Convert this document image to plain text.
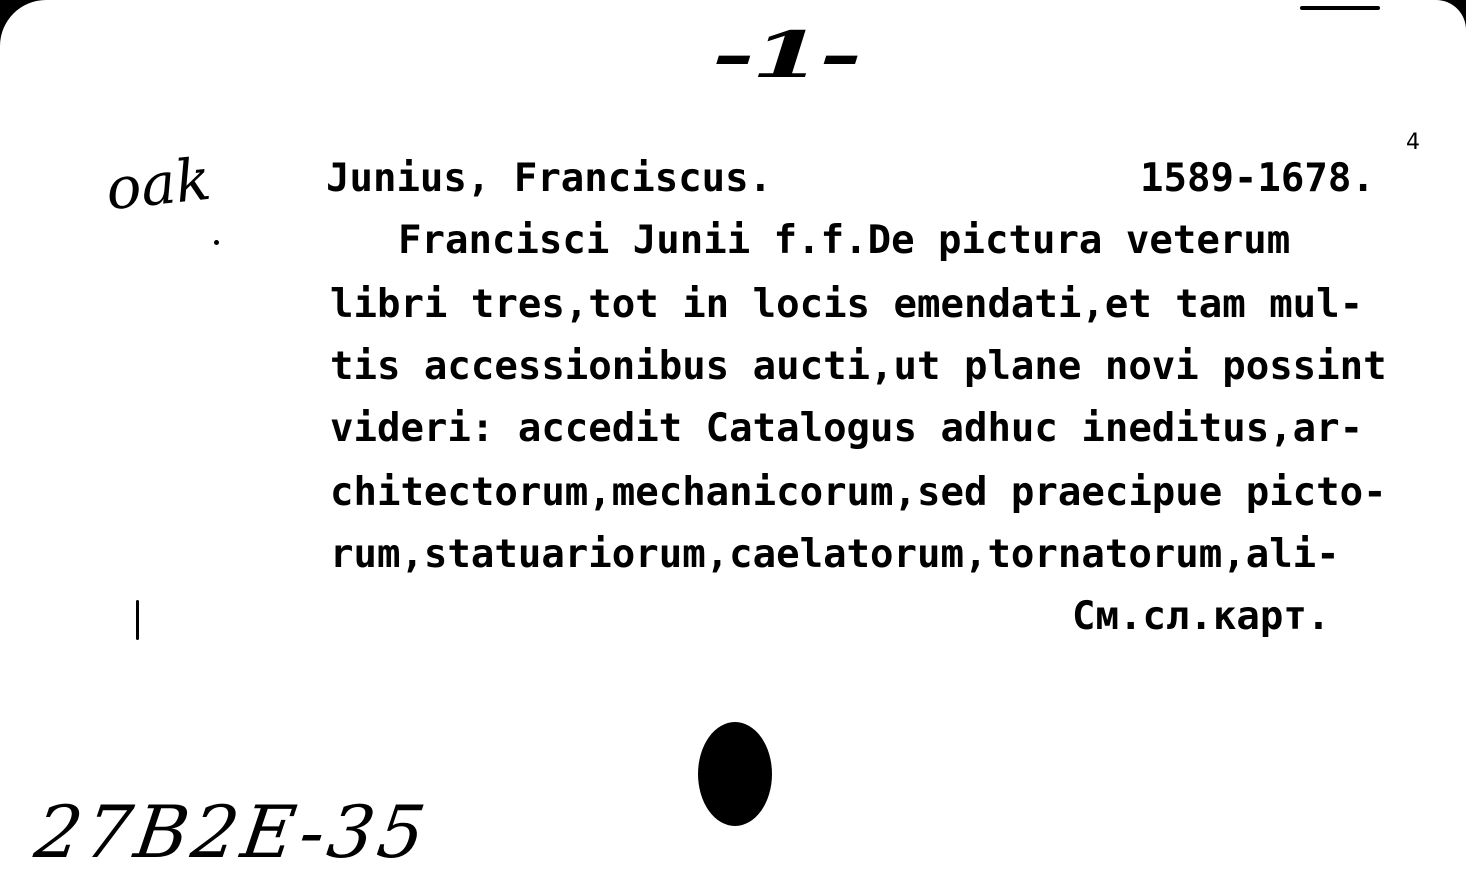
-1-
4
oak	Junius, Franciscus.	1589-1678.
Francisci Junii f.f.De pictura veterum
libri tres,tot in locis emendati,et tam mul-
tis accessionibus aucti,ut plane novi possint
videri: accedit Catalogus adhuc ineditus,ar-
chitectorum,mechanicorum,sed praecipue picto-
rum,statuariorum,caelatorum,tornatorum,ali-
См.сл.карт.
27B2E-35
